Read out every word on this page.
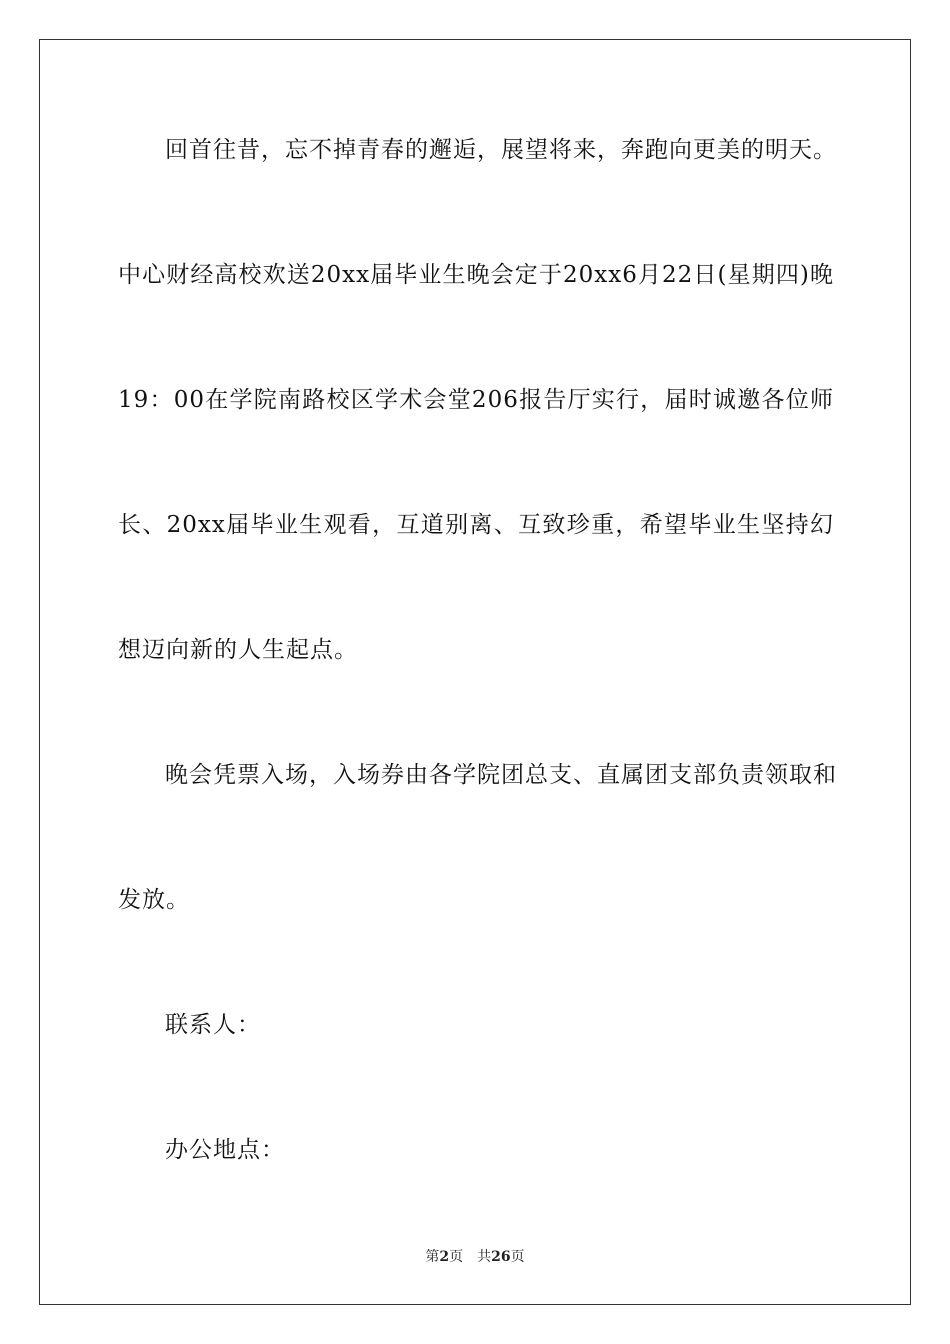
回首往昔，忘不掉青春的邂逅，展望将来，奔跑向更美的明天。
中心财经高校欢送20xx届毕业生晚会定于20xx6月22日(星期四)晚
19：00在学院南路校区学术会堂206报告厅实行，届时诚邀各位师
长、20xx届毕业生观看，互道别离、互致珍重，希望毕业生坚持幻
想迈向新的人生起点。
晚会凭票入场，入场券由各学院团总支、直属团支部负责领取和
发放。
联系人：
办公地点：
第2页 共26页
